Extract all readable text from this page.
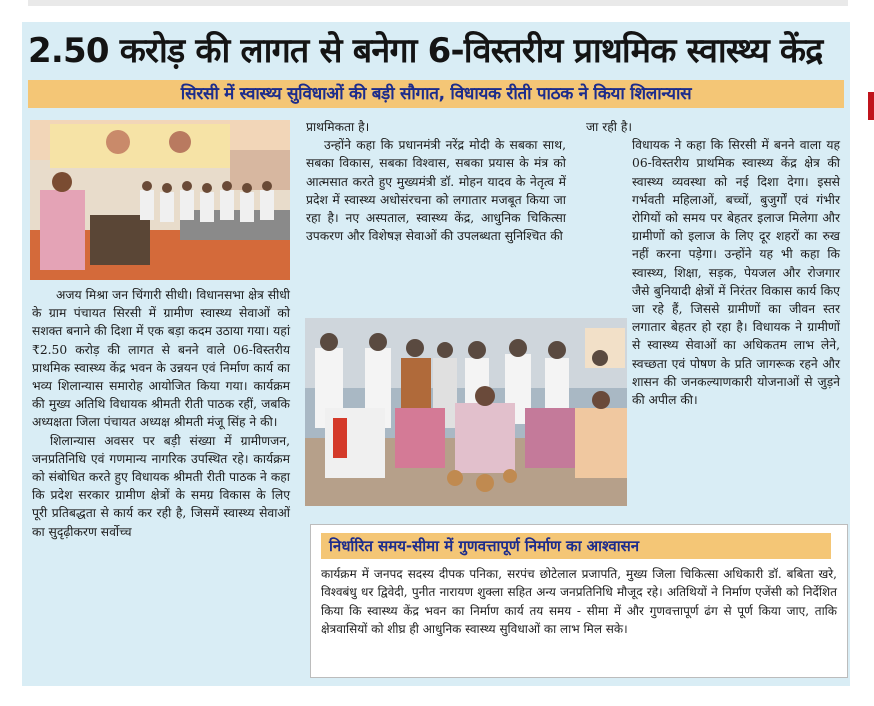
2.50 करोड़ की लागत से बनेगा 6-विस्तरीय प्राथमिक स्वास्थ्य केंद्र
सिरसी में स्वास्थ्य सुविधाओं की बड़ी सौगात, विधायक रीती पाठक ने किया शिलान्यास

अजय मिश्रा जन चिंगारी सीधी। विधानसभा क्षेत्र सीधी के ग्राम पंचायत सिरसी में ग्रामीण स्वास्थ्य सेवाओं को सशक्त बनाने की दिशा में एक बड़ा कदम उठाया गया। यहां ₹2.50 करोड़ की लागत से बनने वाले 06-विस्तरीय प्राथमिक स्वास्थ्य केंद्र भवन के उन्नयन एवं निर्माण कार्य का भव्य शिलान्यास समारोह आयोजित किया गया। कार्यक्रम की मुख्य अतिथि विधायक श्रीमती रीती पाठक रहीं, जबकि अध्यक्षता जिला पंचायत अध्यक्ष श्रीमती मंजू सिंह ने की।

शिलान्यास अवसर पर बड़ी संख्या में ग्रामीणजन, जनप्रतिनिधि एवं गणमान्य नागरिक उपस्थित रहे। कार्यक्रम को संबोधित करते हुए विधायक श्रीमती रीती पाठक ने कहा कि प्रदेश सरकार ग्रामीण क्षेत्रों के समग्र विकास के लिए पूरी प्रतिबद्धता से कार्य कर रही है, जिसमें स्वास्थ्य सेवाओं का सुदृढ़ीकरण सर्वोच्च

प्राथमिकता है।

उन्होंने कहा कि प्रधानमंत्री नरेंद्र मोदी के सबका साथ, सबका विकास, सबका विश्वास, सबका प्रयास के मंत्र को आत्मसात करते हुए मुख्यमंत्री डॉ. मोहन यादव के नेतृत्व में प्रदेश में स्वास्थ्य अधोसंरचना को लगातार मजबूत किया जा रहा है। नए अस्पताल, स्वास्थ्य केंद्र, आधुनिक चिकित्सा उपकरण और विशेषज्ञ सेवाओं की उपलब्धता सुनिश्चित की

जा रही है।

विधायक ने कहा कि सिरसी में बनने वाला यह 06-विस्तरीय प्राथमिक स्वास्थ्य केंद्र क्षेत्र की स्वास्थ्य व्यवस्था को नई दिशा देगा। इससे गर्भवती महिलाओं, बच्चों, बुजुर्गों एवं गंभीर रोगियों को समय पर बेहतर इलाज मिलेगा और ग्रामीणों को इलाज के लिए दूर शहरों का रुख नहीं करना पड़ेगा। उन्होंने यह भी कहा कि स्वास्थ्य, शिक्षा, सड़क, पेयजल और रोजगार जैसे बुनियादी क्षेत्रों में निरंतर विकास कार्य किए जा रहे हैं, जिससे ग्रामीणों का जीवन स्तर लगातार बेहतर हो रहा है। विधायक ने ग्रामीणों से स्वास्थ्य सेवाओं का अधिकतम लाभ लेने, स्वच्छता एवं पोषण के प्रति जागरूक रहने और शासन की जनकल्याणकारी योजनाओं से जुड़ने की अपील की।

निर्धारित समय-सीमा में गुणवत्तापूर्ण निर्माण का आश्वासन
कार्यक्रम में जनपद सदस्य दीपक पनिका, सरपंच छोटेलाल प्रजापति, मुख्य जिला चिकित्सा अधिकारी डॉ. बबिता खरे, विश्वबंधु धर द्विवेदी, पुनीत नारायण शुक्ला सहित अन्य जनप्रतिनिधि मौजूद रहे। अतिथियों ने निर्माण एजेंसी को निर्देशित किया कि स्वास्थ्य केंद्र भवन का निर्माण कार्य तय समय - सीमा में और गुणवत्तापूर्ण ढंग से पूर्ण किया जाए, ताकि क्षेत्रवासियों को शीघ्र ही आधुनिक स्वास्थ्य सुविधाओं का लाभ मिल सके।
